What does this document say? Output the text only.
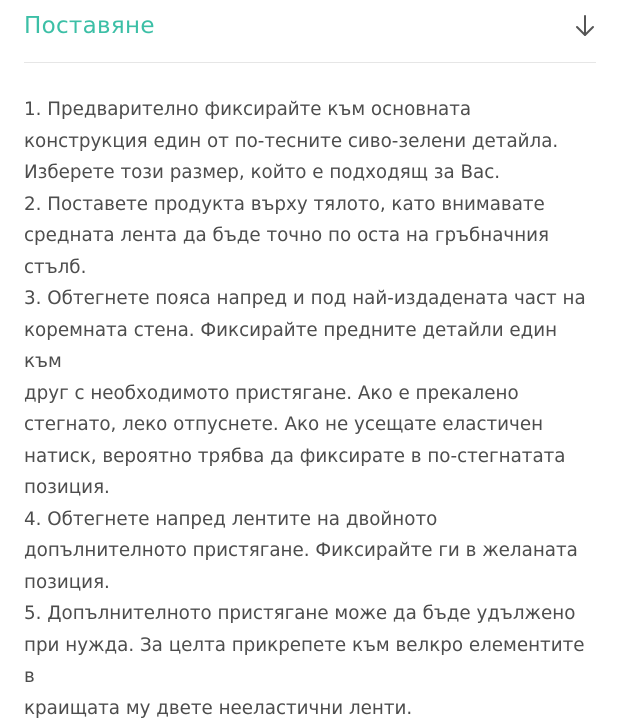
Поставяне

1. Предварително фиксирайте към основната
конструкция един от по-тесните сиво-зелени детайла.
Изберете този размер, който е подходящ за Вас.

2. Поставете продукта върху тялото, като внимавате
средната лента да бъде точно по оста на гръбначния
стълб.

3. Обтегнете пояса напред и под най-издадената част на
коремната стена. Фиксирайте предните детайли един към
друг с необходимото пристягане. Ако е прекалено
стегнато, леко отпуснете. Ако не усещате еластичен
натиск, вероятно трябва да фиксирате в по-стегнатата
позиция.

4. Обтегнете напред лентите на двойното
допълнителното пристягане. Фиксирайте ги в желаната
позиция.

5. Допълнителното пристягане може да бъде удължено
при нужда. За целта прикрепете към велкро елементите в
краищата му двете нееластични ленти.
